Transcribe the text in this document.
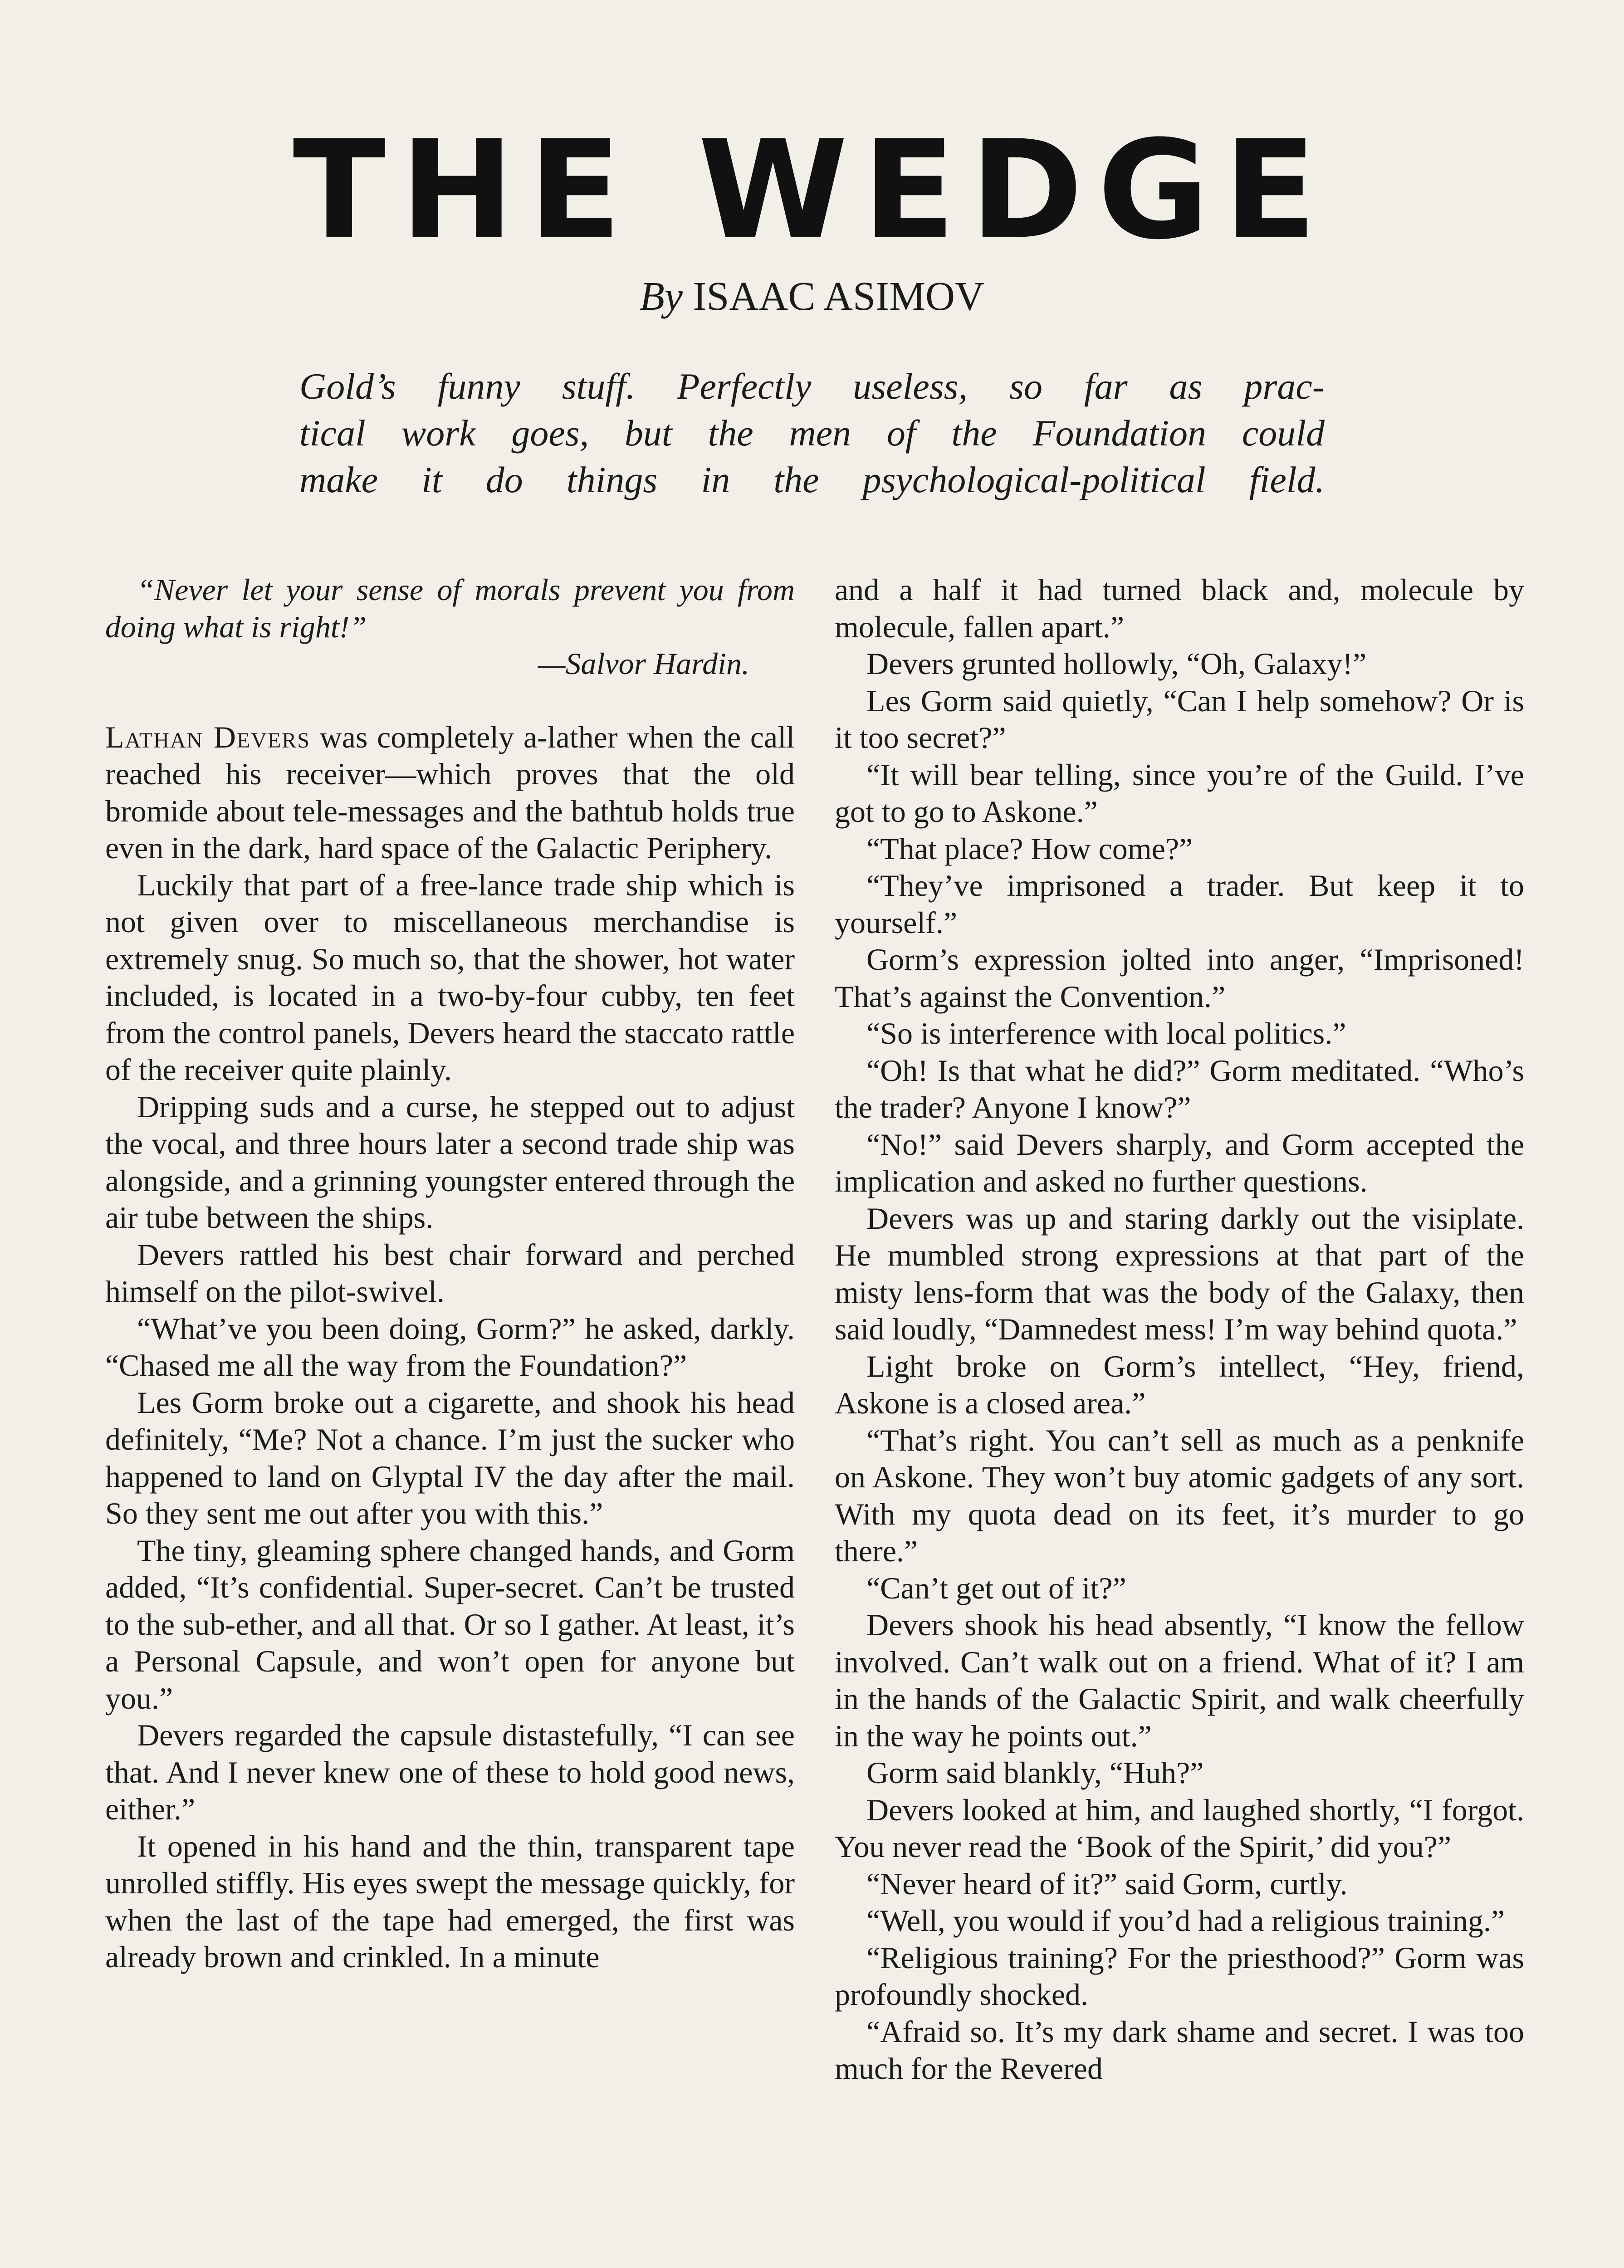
THE WEDGE
By ISAAC ASIMOV
Gold’s funny stuff. Perfectly useless, so far as prac-
tical work goes, but the men of the Foundation could
make it do things in the psychological-political field.
“Never let your sense of morals prevent you from doing what is right!”
—Salvor Hardin.

Lathan Devers was completely a-lather when the call reached his receiver—which proves that the old bromide about tele-messages and the bathtub holds true even in the dark, hard space of the Galactic Periphery.

Luckily that part of a free-lance trade ship which is not given over to miscellaneous merchandise is extremely snug. So much so, that the shower, hot water included, is located in a two-by-four cubby, ten feet from the control panels, Devers heard the staccato rattle of the receiver quite plainly.

Dripping suds and a curse, he stepped out to adjust the vocal, and three hours later a second trade ship was alongside, and a grinning youngster entered through the air tube between the ships.

Devers rattled his best chair forward and perched himself on the pilot-swivel.

“What’ve you been doing, Gorm?” he asked, darkly. “Chased me all the way from the Foundation?”

Les Gorm broke out a cigarette, and shook his head definitely, “Me? Not a chance. I’m just the sucker who happened to land on Glyptal IV the day after the mail. So they sent me out after you with this.”

The tiny, gleaming sphere changed hands, and Gorm added, “It’s confidential. Super-secret. Can’t be trusted to the sub-ether, and all that. Or so I gather. At least, it’s a Personal Capsule, and won’t open for anyone but you.”

Devers regarded the capsule distastefully, “I can see that. And I never knew one of these to hold good news, either.”

It opened in his hand and the thin, transparent tape unrolled stiffly. His eyes swept the message quickly, for when the last of the tape had emerged, the first was already brown and crinkled. In a minute

and a half it had turned black and, molecule by molecule, fallen apart.”

Devers grunted hollowly, “Oh, Galaxy!”

Les Gorm said quietly, “Can I help somehow? Or is it too secret?”

“It will bear telling, since you’re of the Guild. I’ve got to go to Askone.”

“That place? How come?”

“They’ve imprisoned a trader. But keep it to yourself.”

Gorm’s expression jolted into anger, “Imprisoned! That’s against the Convention.”

“So is interference with local politics.”

“Oh! Is that what he did?” Gorm meditated. “Who’s the trader? Anyone I know?”

“No!” said Devers sharply, and Gorm accepted the implication and asked no further questions.

Devers was up and staring darkly out the visiplate. He mumbled strong expressions at that part of the misty lens-form that was the body of the Galaxy, then said loudly, “Damnedest mess! I’m way behind quota.”

Light broke on Gorm’s intellect, “Hey, friend, Askone is a closed area.”

“That’s right. You can’t sell as much as a penknife on Askone. They won’t buy atomic gadgets of any sort. With my quota dead on its feet, it’s murder to go there.”

“Can’t get out of it?”

Devers shook his head absently, “I know the fellow involved. Can’t walk out on a friend. What of it? I am in the hands of the Galactic Spirit, and walk cheerfully in the way he points out.”

Gorm said blankly, “Huh?”

Devers looked at him, and laughed shortly, “I forgot. You never read the ‘Book of the Spirit,’ did you?”

“Never heard of it?” said Gorm, curtly.

“Well, you would if you’d had a religious training.”

“Religious training? For the priesthood?” Gorm was profoundly shocked.

“Afraid so. It’s my dark shame and secret. I was too much for the Revered
